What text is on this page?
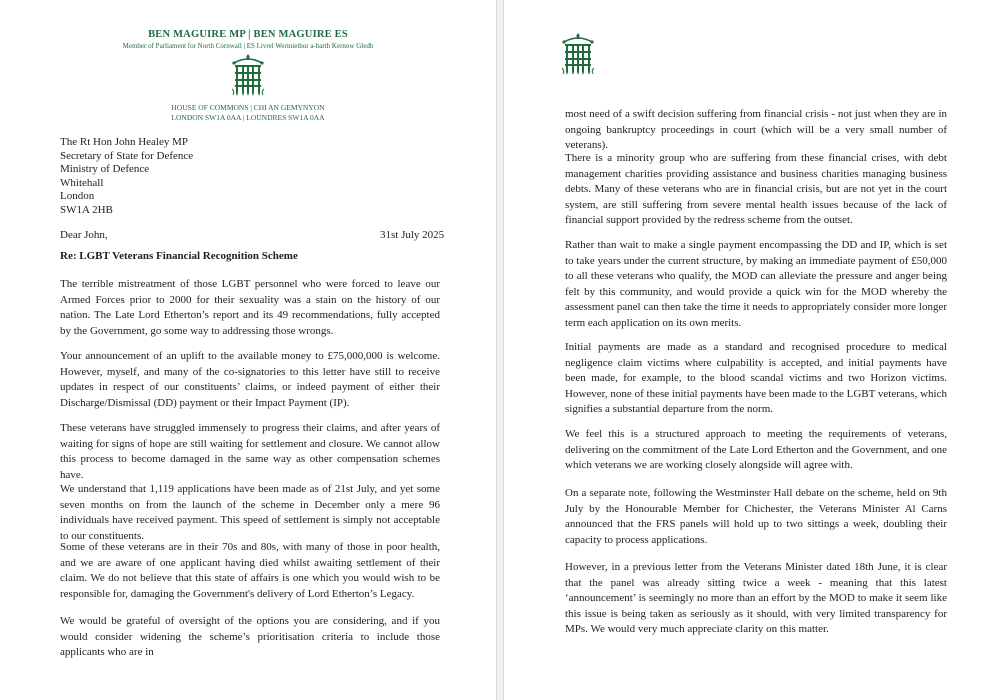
BEN MAGUIRE MP | BEN MAGUIRE ES
Member of Parliament for North Cornwall | ES Livrel Weriniethor a-barth Kernow Gledh
HOUSE OF COMMONS | CHI AN GEMYNYON
LONDON SW1A 0AA | LOUNDRES SW1A 0AA
The Rt Hon John Healey MP
Secretary of State for Defence
Ministry of Defence
Whitehall
London
SW1A 2HB
Dear John,	31st July 2025
Re: LGBT Veterans Financial Recognition Scheme

The terrible mistreatment of those LGBT personnel who were forced to leave our Armed Forces prior to 2000 for their sexuality was a stain on the history of our nation. The Late Lord Etherton’s report and its 49 recommendations, fully accepted by the Government, go some way to addressing those wrongs.

Your announcement of an uplift to the available money to £75,000,000 is welcome. However, myself, and many of the co-signatories to this letter have still to receive updates in respect of our constituents’ claims, or indeed payment of either their Discharge/Dismissal (DD) payment or their Impact Payment (IP).

These veterans have struggled immensely to progress their claims, and after years of waiting for signs of hope are still waiting for settlement and closure. We cannot allow this process to become damaged in the same way as other compensation schemes have.

We understand that 1,119 applications have been made as of 21st July, and yet some seven months on from the launch of the scheme in December only a mere 96 individuals have received payment. This speed of settlement is simply not acceptable to our constituents.

Some of these veterans are in their 70s and 80s, with many of those in poor health, and we are aware of one applicant having died whilst awaiting settlement of their claim. We do not believe that this state of affairs is one which you would wish to be responsible for, damaging the Government's delivery of Lord Etherton’s Legacy.

We would be grateful of oversight of the options you are considering, and if you would consider widening the scheme’s prioritisation criteria to include those applicants who are in

most need of a swift decision suffering from financial crisis - not just when they are in ongoing bankruptcy proceedings in court (which will be a very small number of veterans).

There is a minority group who are suffering from these financial crises, with debt management charities providing assistance and business charities managing business debts. Many of these veterans who are in financial crisis, but are not yet in the court system, are still suffering from severe mental health issues because of the lack of financial support provided by the redress scheme from the outset.

Rather than wait to make a single payment encompassing the DD and IP, which is set to take years under the current structure, by making an immediate payment of £50,000 to all these veterans who qualify, the MOD can alleviate the pressure and anger being felt by this community, and would provide a quick win for the MOD whereby the assessment panel can then take the time it needs to appropriately consider more longer term each application on its own merits.

Initial payments are made as a standard and recognised procedure to medical negligence claim victims where culpability is accepted, and initial payments have been made, for example, to the blood scandal victims and two Horizon victims. However, none of these initial payments have been made to the LGBT veterans, which signifies a substantial departure from the norm.

We feel this is a structured approach to meeting the requirements of veterans, delivering on the commitment of the Late Lord Etherton and the Government, and one which veterans we are working closely alongside will agree with.

On a separate note, following the Westminster Hall debate on the scheme, held on 9th July by the Honourable Member for Chichester, the Veterans Minister Al Carns announced that the FRS panels will hold up to two sittings a week, doubling their capacity to process applications.

However, in a previous letter from the Veterans Minister dated 18th June, it is clear that the panel was already sitting twice a week - meaning that this latest ‘announcement’ is seemingly no more than an effort by the MOD to make it seem like this issue is being taken as seriously as it should, with very limited transparency for MPs. We would very much appreciate clarity on this matter.
